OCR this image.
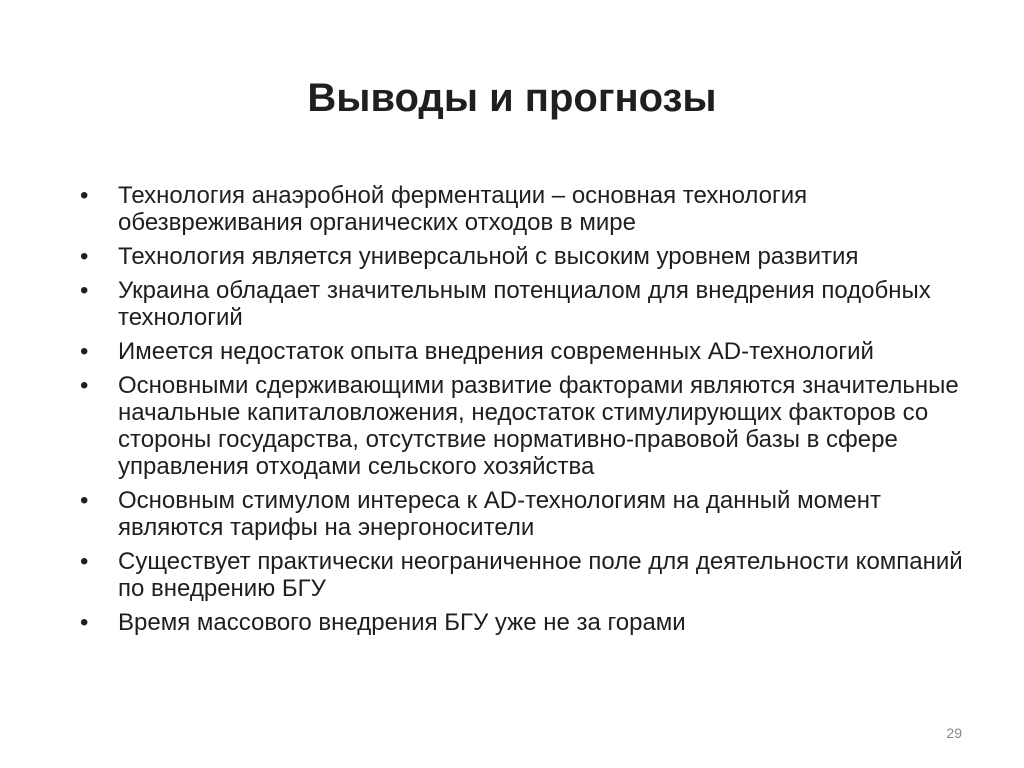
Выводы и прогнозы
•	Технология анаэробной ферментации – основная технология обезвреживания органических отходов в мире
•	Технология является универсальной с высоким уровнем развития
•	Украина обладает значительным потенциалом для внедрения подобных технологий
•	Имеется недостаток опыта внедрения современных AD-технологий
•	Основными сдерживающими развитие факторами являются значительные начальные капиталовложения, недостаток стимулирующих факторов со стороны государства, отсутствие нормативно-правовой базы в сфере управления отходами сельского хозяйства
•	Основным стимулом интереса к AD-технологиям на данный момент являются тарифы на энергоносители
•	Существует практически неограниченное поле для деятельности компаний по внедрению БГУ
•	Время массового внедрения БГУ уже не за горами
29
